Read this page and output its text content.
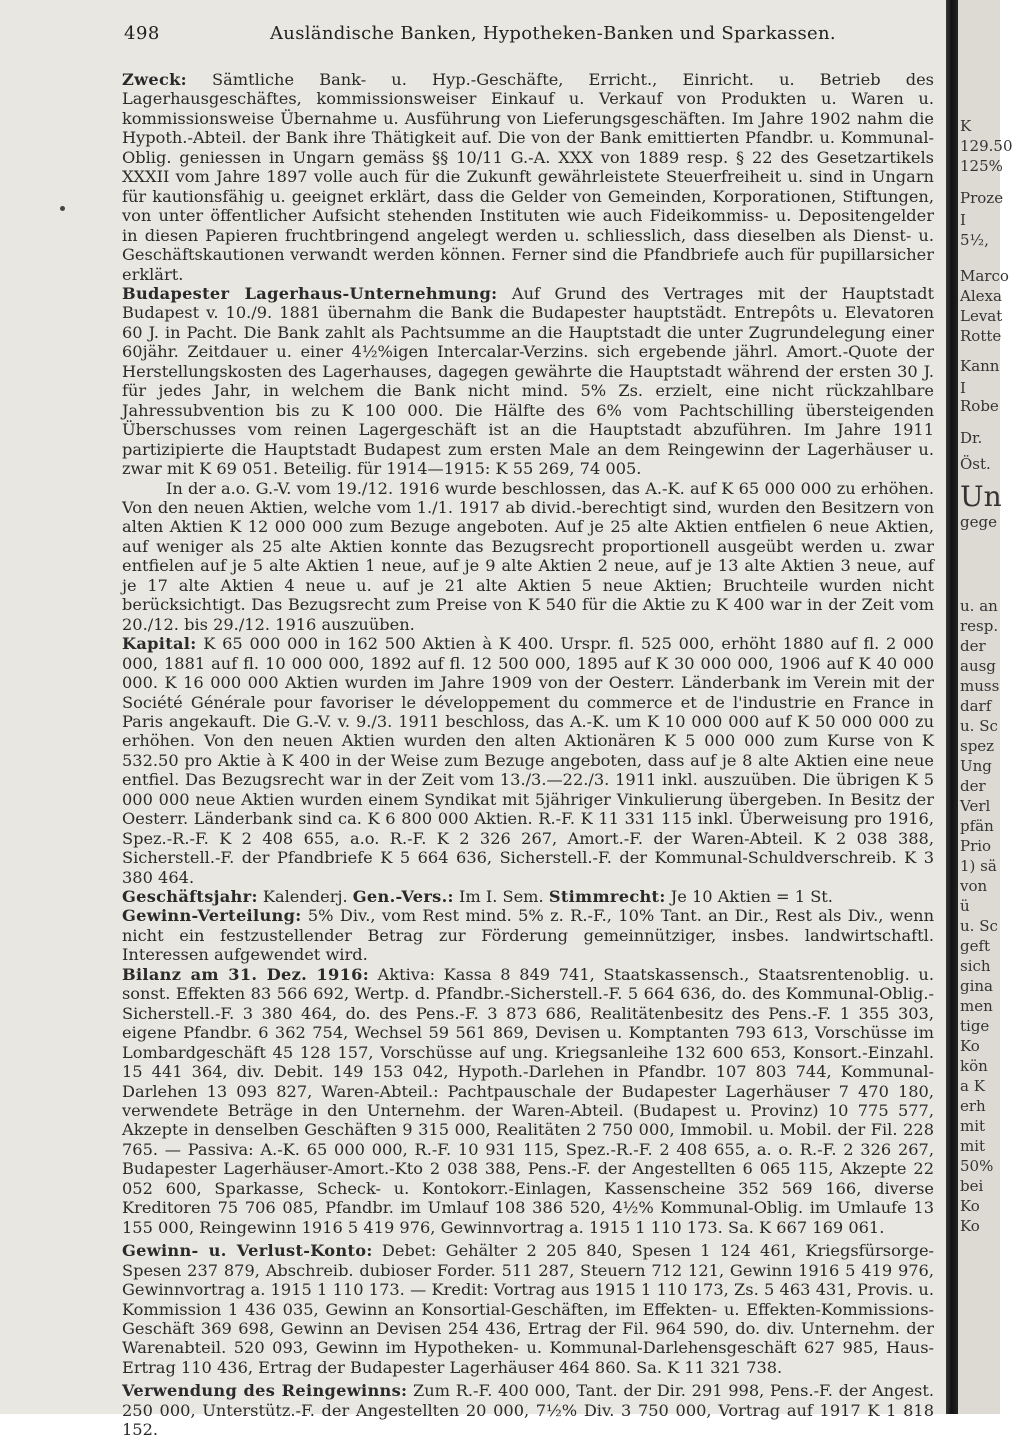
498	Ausländische Banken, Hypotheken-Banken und Sparkassen.

Zweck: Sämtliche Bank- u. Hyp.-Geschäfte, Erricht., Einricht. u. Betrieb des Lagerhausgeschäftes, kommissionsweiser Einkauf u. Verkauf von Produkten u. Waren u. kommissionsweise Übernahme u. Ausführung von Lieferungsgeschäften. Im Jahre 1902 nahm die Hypoth.-Abteil. der Bank ihre Thätigkeit auf. Die von der Bank emittierten Pfandbr. u. Kommunal-Oblig. geniessen in Ungarn gemäss §§ 10/11 G.-A. XXX von 1889 resp. § 22 des Gesetzartikels XXXII vom Jahre 1897 volle auch für die Zukunft gewährleistete Steuerfreiheit u. sind in Ungarn für kautionsfähig u. geeignet erklärt, dass die Gelder von Gemeinden, Korporationen, Stiftungen, von unter öffentlicher Aufsicht stehenden Instituten wie auch Fideikommiss- u. Depositengelder in diesen Papieren fruchtbringend angelegt werden u. schliesslich, dass dieselben als Dienst- u. Geschäftskautionen verwandt werden können. Ferner sind die Pfandbriefe auch für pupillarsicher erklärt.

Budapester Lagerhaus-Unternehmung: Auf Grund des Vertrages mit der Hauptstadt Budapest v. 10./9. 1881 übernahm die Bank die Budapester hauptstädt. Entrepôts u. Elevatoren 60 J. in Pacht. Die Bank zahlt als Pachtsumme an die Hauptstadt die unter Zugrundelegung einer 60jähr. Zeitdauer u. einer 4½%igen Intercalar-Verzins. sich ergebende jährl. Amort.-Quote der Herstellungskosten des Lagerhauses, dagegen gewährte die Hauptstadt während der ersten 30 J. für jedes Jahr, in welchem die Bank nicht mind. 5% Zs. erzielt, eine nicht rückzahlbare Jahressubvention bis zu K 100 000. Die Hälfte des 6% vom Pachtschilling übersteigenden Überschusses vom reinen Lagergeschäft ist an die Hauptstadt abzuführen. Im Jahre 1911 partizipierte die Hauptstadt Budapest zum ersten Male an dem Reingewinn der Lagerhäuser u. zwar mit K 69 051. Beteilig. für 1914—1915: K 55 269, 74 005.

In der a.o. G.-V. vom 19./12. 1916 wurde beschlossen, das A.-K. auf K 65 000 000 zu erhöhen. Von den neuen Aktien, welche vom 1./1. 1917 ab divid.-berechtigt sind, wurden den Besitzern von alten Aktien K 12 000 000 zum Bezuge angeboten. Auf je 25 alte Aktien entfielen 6 neue Aktien, auf weniger als 25 alte Aktien konnte das Bezugsrecht proportionell ausgeübt werden u. zwar entfielen auf je 5 alte Aktien 1 neue, auf je 9 alte Aktien 2 neue, auf je 13 alte Aktien 3 neue, auf je 17 alte Aktien 4 neue u. auf je 21 alte Aktien 5 neue Aktien; Bruchteile wurden nicht berücksichtigt. Das Bezugsrecht zum Preise von K 540 für die Aktie zu K 400 war in der Zeit vom 20./12. bis 29./12. 1916 auszuüben.

Kapital: K 65 000 000 in 162 500 Aktien à K 400. Urspr. fl. 525 000, erhöht 1880 auf fl. 2 000 000, 1881 auf fl. 10 000 000, 1892 auf fl. 12 500 000, 1895 auf K 30 000 000, 1906 auf K 40 000 000. K 16 000 000 Aktien wurden im Jahre 1909 von der Oesterr. Länderbank im Verein mit der Société Générale pour favoriser le développement du commerce et de l'industrie en France in Paris angekauft. Die G.-V. v. 9./3. 1911 beschloss, das A.-K. um K 10 000 000 auf K 50 000 000 zu erhöhen. Von den neuen Aktien wurden den alten Aktionären K 5 000 000 zum Kurse von K 532.50 pro Aktie à K 400 in der Weise zum Bezuge angeboten, dass auf je 8 alte Aktien eine neue entfiel. Das Bezugsrecht war in der Zeit vom 13./3.—22./3. 1911 inkl. auszuüben. Die übrigen K 5 000 000 neue Aktien wurden einem Syndikat mit 5jähriger Vinkulierung übergeben. In Besitz der Oesterr. Länderbank sind ca. K 6 800 000 Aktien. R.-F. K 11 331 115 inkl. Überweisung pro 1916, Spez.-R.-F. K 2 408 655, a.o. R.-F. K 2 326 267, Amort.-F. der Waren-Abteil. K 2 038 388, Sicherstell.-F. der Pfandbriefe K 5 664 636, Sicherstell.-F. der Kommunal-Schuldverschreib. K 3 380 464.

Geschäftsjahr: Kalenderj. Gen.-Vers.: Im I. Sem. Stimmrecht: Je 10 Aktien = 1 St.

Gewinn-Verteilung: 5% Div., vom Rest mind. 5% z. R.-F., 10% Tant. an Dir., Rest als Div., wenn nicht ein festzustellender Betrag zur Förderung gemeinnütziger, insbes. landwirtschaftl. Interessen aufgewendet wird.

Bilanz am 31. Dez. 1916: Aktiva: Kassa 8 849 741, Staatskassensch., Staatsrentenoblig. u. sonst. Effekten 83 566 692, Wertp. d. Pfandbr.-Sicherstell.-F. 5 664 636, do. des Kommunal-Oblig.-Sicherstell.-F. 3 380 464, do. des Pens.-F. 3 873 686, Realitätenbesitz des Pens.-F. 1 355 303, eigene Pfandbr. 6 362 754, Wechsel 59 561 869, Devisen u. Komptanten 793 613, Vorschüsse im Lombardgeschäft 45 128 157, Vorschüsse auf ung. Kriegsanleihe 132 600 653, Konsort.-Einzahl. 15 441 364, div. Debit. 149 153 042, Hypoth.-Darlehen in Pfandbr. 107 803 744, Kommunal-Darlehen 13 093 827, Waren-Abteil.: Pachtpauschale der Budapester Lagerhäuser 7 470 180, verwendete Beträge in den Unternehm. der Waren-Abteil. (Budapest u. Provinz) 10 775 577, Akzepte in denselben Geschäften 9 315 000, Realitäten 2 750 000, Immobil. u. Mobil. der Fil. 228 765. — Passiva: A.-K. 65 000 000, R.-F. 10 931 115, Spez.-R.-F. 2 408 655, a. o. R.-F. 2 326 267, Budapester Lagerhäuser-Amort.-Kto 2 038 388, Pens.-F. der Angestellten 6 065 115, Akzepte 22 052 600, Sparkasse, Scheck- u. Kontokorr.-Einlagen, Kassenscheine 352 569 166, diverse Kreditoren 75 706 085, Pfandbr. im Umlauf 108 386 520, 4½% Kommunal-Oblig. im Umlaufe 13 155 000, Reingewinn 1916 5 419 976, Gewinnvortrag a. 1915 1 110 173. Sa. K 667 169 061.

Gewinn- u. Verlust-Konto: Debet: Gehälter 2 205 840, Spesen 1 124 461, Kriegsfürsorge-Spesen 237 879, Abschreib. dubioser Forder. 511 287, Steuern 712 121, Gewinn 1916 5 419 976, Gewinnvortrag a. 1915 1 110 173. — Kredit: Vortrag aus 1915 1 110 173, Zs. 5 463 431, Provis. u. Kommission 1 436 035, Gewinn an Konsortial-Geschäften, im Effekten- u. Effekten-Kommissions-Geschäft 369 698, Gewinn an Devisen 254 436, Ertrag der Fil. 964 590, do. div. Unternehm. der Warenabteil. 520 093, Gewinn im Hypotheken- u. Kommunal-Darlehensgeschäft 627 985, Haus-Ertrag 110 436, Ertrag der Budapester Lagerhäuser 464 860. Sa. K 11 321 738.

Verwendung des Reingewinns: Zum R.-F. 400 000, Tant. der Dir. 291 998, Pens.-F. der Angest. 250 000, Unterstütz.-F. der Angestellten 20 000, 7½% Div. 3 750 000, Vortrag auf 1917 K 1 818 152.

K
129.50
125%
Proze
I
5½,
Marco
Alexa
Levat
Rotte
Kann
I
Robe
Dr.
Öst.
Un
gege
u. an
resp.
der
ausg
muss
darf
u. Sc
spez
Ung
der
Verl
pfän
Prio
1) sä
von
ü
u. Sc
geft
sich
gina
men
tige
Ko
kön
a K
erh
mit
mit
50%
bei
Ko
Ko
